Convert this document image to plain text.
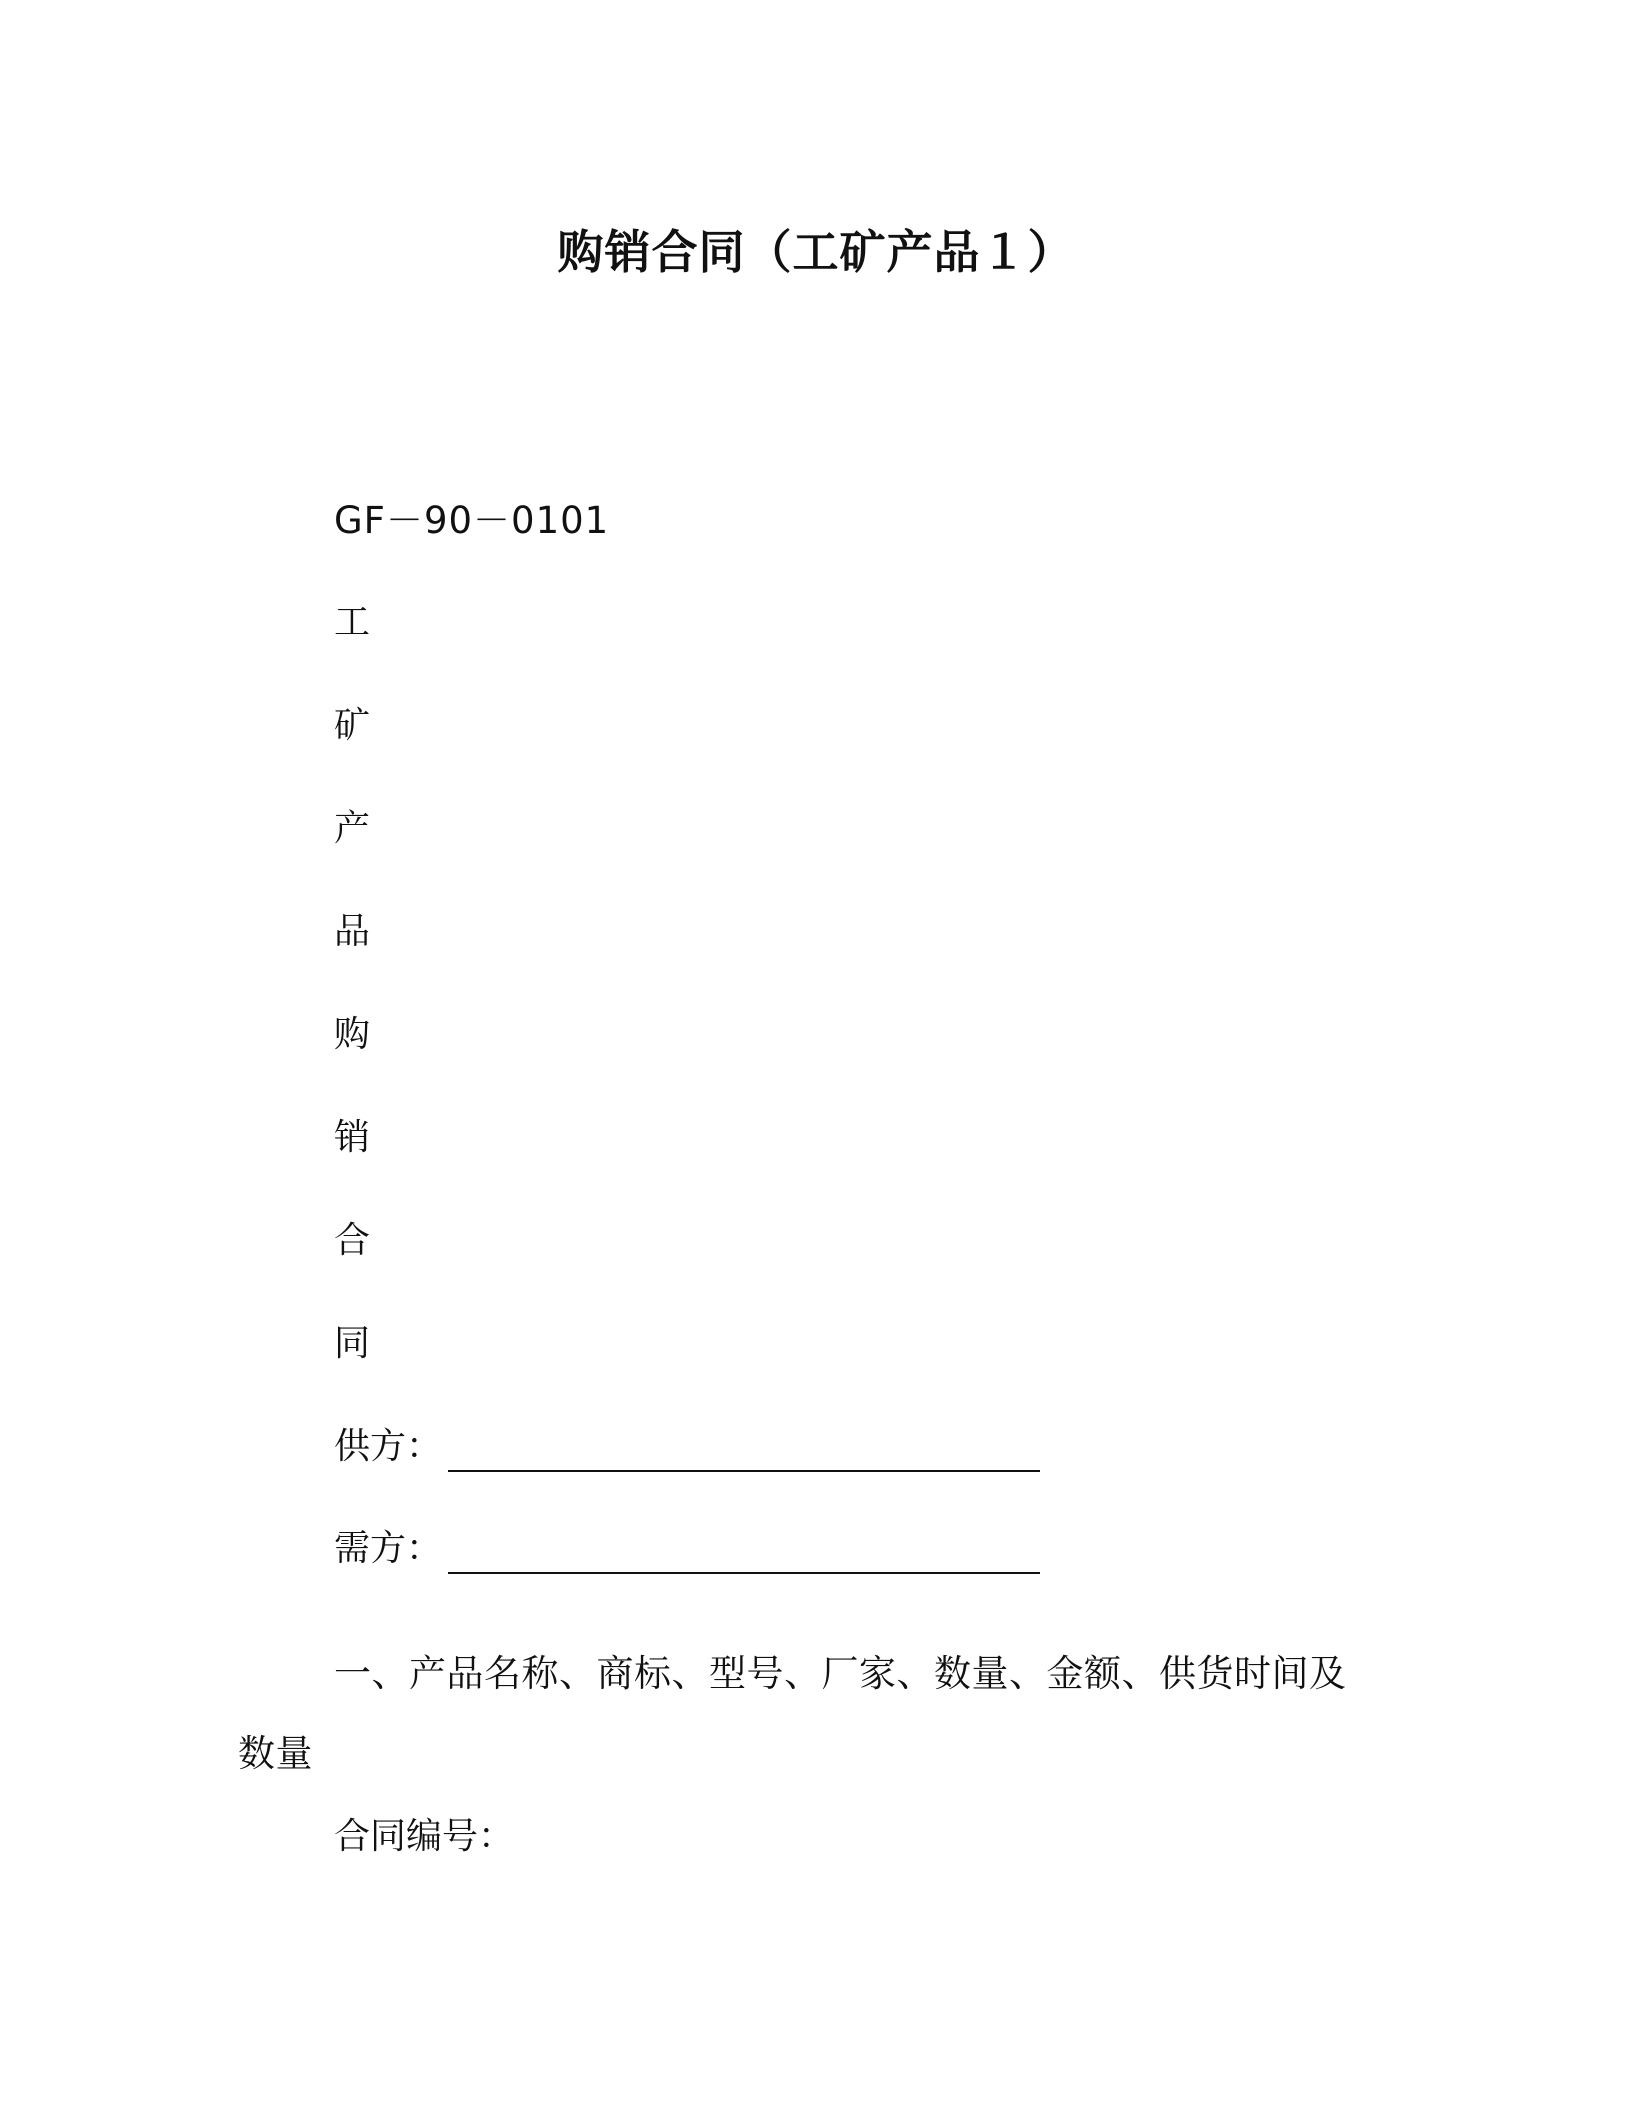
购销合同（工矿产品１）
GF－90－0101
工
矿
产
品
购
销
合
同
供方：
需方：
一、产品名称、商标、型号、厂家、数量、金额、供货时间及数量
合同编号：
